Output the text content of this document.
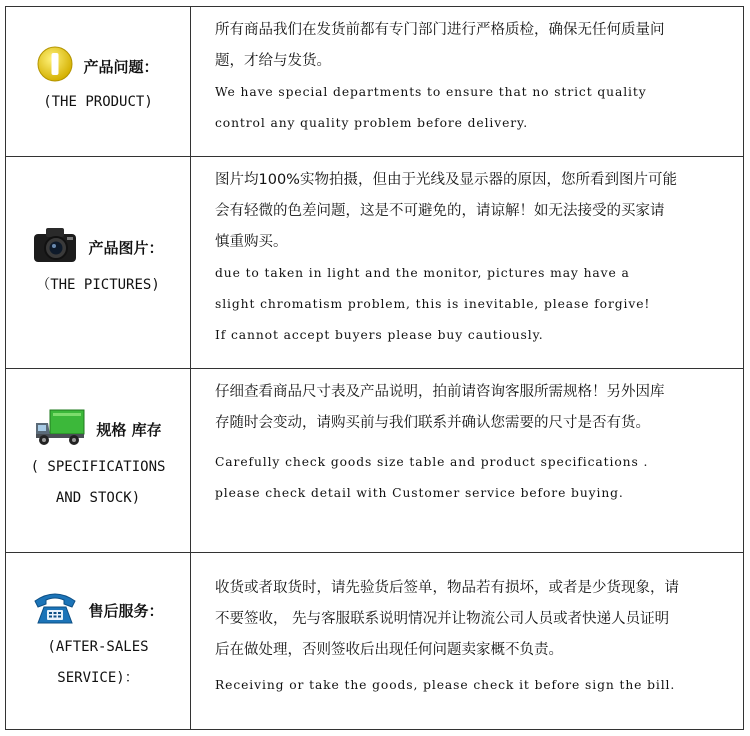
产品问题：
(THE PRODUCT)

所有商品我们在发货前都有专门部门进行严格质检，确保无任何质量问

题，才给与发货。

We have special departments to ensure that no strict quality

control any quality problem before delivery.

产品图片：
（THE PICTURES)

图片均100%实物拍摄，但由于光线及显示器的原因，您所看到图片可能

会有轻微的色差问题，这是不可避免的，请谅解！如无法接受的买家请

慎重购买。

due to taken in light and the monitor, pictures may have a

slight chromatism problem, this is inevitable, please forgive!

If cannot accept buyers please buy cautiously.

规格 库存
( SPECIFICATIONS
AND STOCK)

仔细查看商品尺寸表及产品说明，拍前请咨询客服所需规格！另外因库

存随时会变动，请购买前与我们联系并确认您需要的尺寸是否有货。

Carefully check goods size table and product specifications .

please check detail with Customer service before buying.

售后服务：
(AFTER-SALES
SERVICE)：

收货或者取货时，请先验货后签单，物品若有损坏，或者是少货现象，请

不要签收， 先与客服联系说明情况并让物流公司人员或者快递人员证明

后在做处理，否则签收后出现任何问题卖家概不负责。

Receiving or take the goods, please check it before sign the bill.
